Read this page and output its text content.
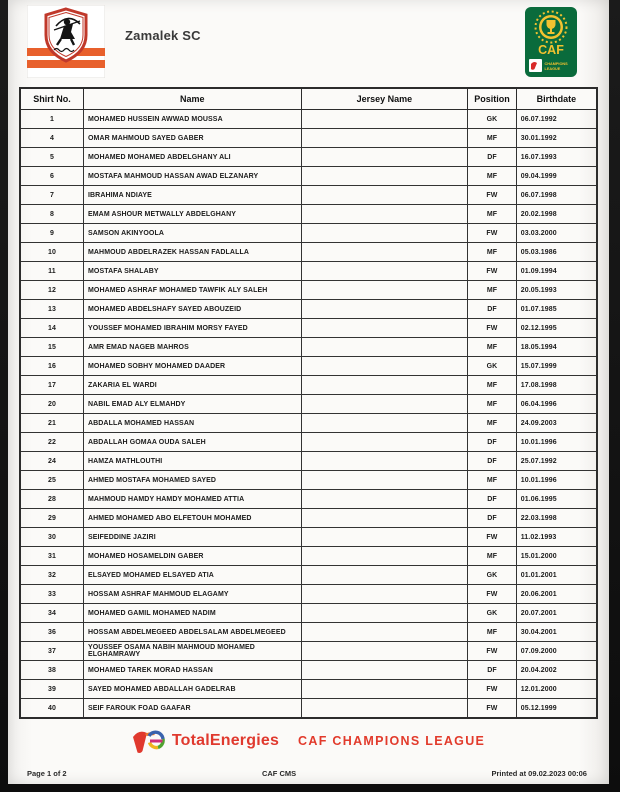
Zamalek SC
CAF
CHAMPIONS
LEAGUE
Shirt No.	Name	Jersey Name	Position	Birthdate
1	MOHAMED HUSSEIN AWWAD MOUSSA		GK	06.07.1992
4	OMAR MAHMOUD SAYED GABER		MF	30.01.1992
5	MOHAMED MOHAMED ABDELGHANY ALI		DF	16.07.1993
6	MOSTAFA MAHMOUD HASSAN AWAD ELZANARY		MF	09.04.1999
7	IBRAHIMA NDIAYE		FW	06.07.1998
8	EMAM ASHOUR METWALLY ABDELGHANY		MF	20.02.1998
9	SAMSON AKINYOOLA		FW	03.03.2000
10	MAHMOUD ABDELRAZEK HASSAN FADLALLA		MF	05.03.1986
11	MOSTAFA SHALABY		FW	01.09.1994
12	MOHAMED ASHRAF MOHAMED TAWFIK ALY SALEH		MF	20.05.1993
13	MOHAMED ABDELSHAFY SAYED ABOUZEID		DF	01.07.1985
14	YOUSSEF MOHAMED IBRAHIM MORSY FAYED		FW	02.12.1995
15	AMR EMAD NAGEB MAHROS		MF	18.05.1994
16	MOHAMED SOBHY MOHAMED DAADER		GK	15.07.1999
17	ZAKARIA EL WARDI		MF	17.08.1998
20	NABIL EMAD ALY ELMAHDY		MF	06.04.1996
21	ABDALLA MOHAMED HASSAN		MF	24.09.2003
22	ABDALLAH GOMAA OUDA SALEH		DF	10.01.1996
24	HAMZA MATHLOUTHI		DF	25.07.1992
25	AHMED MOSTAFA MOHAMED SAYED		MF	10.01.1996
28	MAHMOUD HAMDY HAMDY MOHAMED ATTIA		DF	01.06.1995
29	AHMED MOHAMED ABO ELFETOUH MOHAMED		DF	22.03.1998
30	SEIFEDDINE JAZIRI		FW	11.02.1993
31	MOHAMED HOSAMELDIN GABER		MF	15.01.2000
32	ELSAYED MOHAMED ELSAYED ATIA		GK	01.01.2001
33	HOSSAM ASHRAF MAHMOUD ELAGAMY		FW	20.06.2001
34	MOHAMED GAMIL MOHAMED NADIM		GK	20.07.2001
36	HOSSAM ABDELMEGEED ABDELSALAM ABDELMEGEED		MF	30.04.2001
37	YOUSSEF OSAMA NABIH MAHMOUD MOHAMED ELGHAMRAWY		FW	07.09.2000
38	MOHAMED TAREK MORAD HASSAN		DF	20.04.2002
39	SAYED MOHAMED ABDALLAH GADELRAB		FW	12.01.2000
40	SEIF FAROUK FOAD GAAFAR		FW	05.12.1999
TotalEnergies CAF CHAMPIONS LEAGUE
Page 1 of 2	CAF CMS	Printed at 09.02.2023 00:06
